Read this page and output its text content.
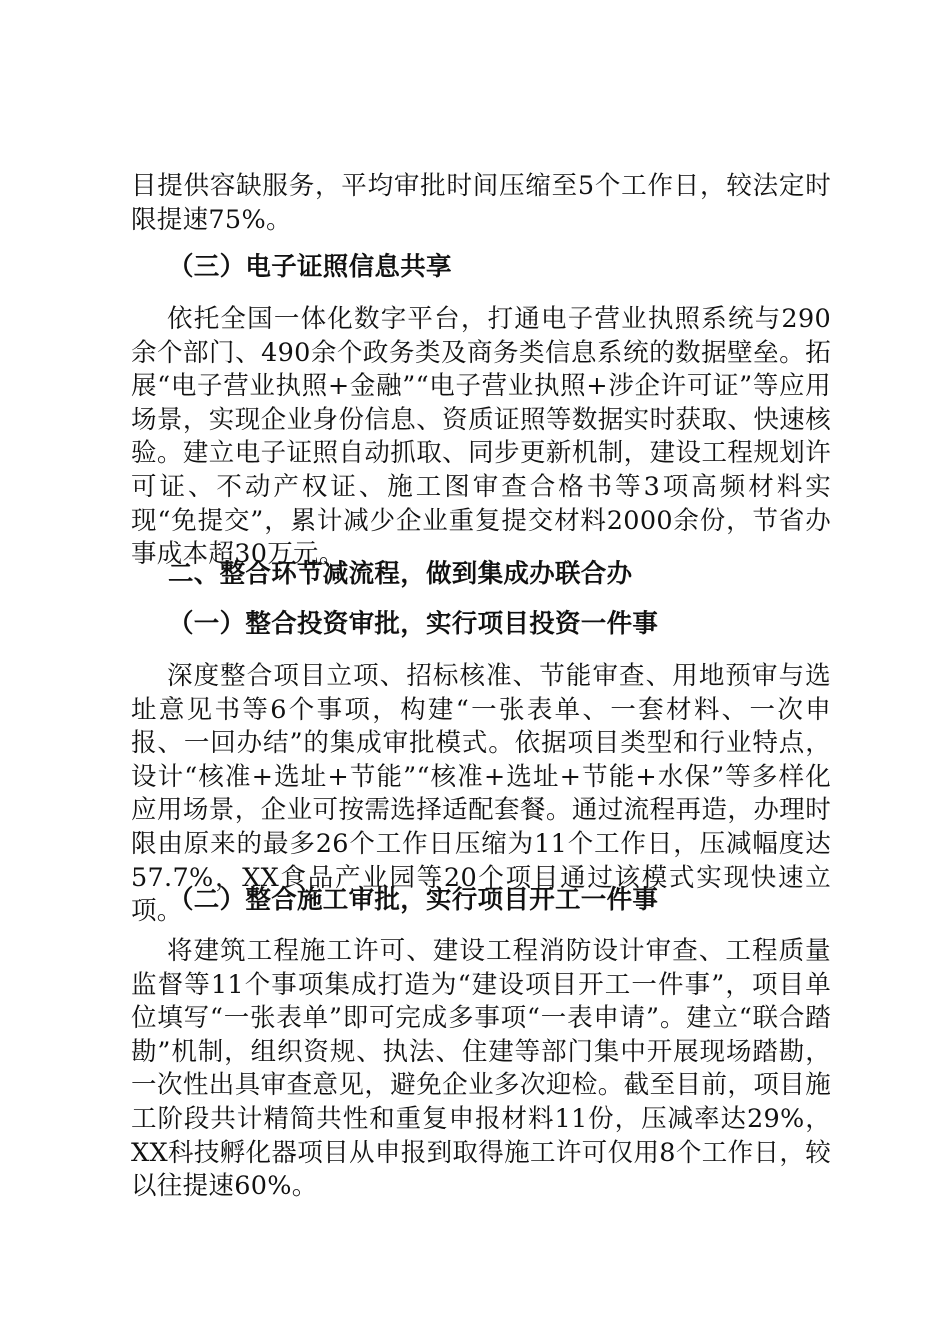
目提供容缺服务，平均审批时间压缩至5个工作日，较法定时限提速75%。

（三）电子证照信息共享

依托全国一体化数字平台，打通电子营业执照系统与290余个部门、490余个政务类及商务类信息系统的数据壁垒。拓展“电子营业执照+金融”“电子营业执照+涉企许可证”等应用场景，实现企业身份信息、资质证照等数据实时获取、快速核验。建立电子证照自动抓取、同步更新机制，建设工程规划许可证、不动产权证、施工图审查合格书等3项高频材料实现“免提交”，累计减少企业重复提交材料2000余份，节省办事成本超30万元。

二、整合环节减流程，做到集成办联合办

（一）整合投资审批，实行项目投资一件事

深度整合项目立项、招标核准、节能审查、用地预审与选址意见书等6个事项，构建“一张表单、一套材料、一次申报、一回办结”的集成审批模式。依据项目类型和行业特点，设计“核准+选址+节能”“核准+选址+节能+水保”等多样化应用场景，企业可按需选择适配套餐。通过流程再造，办理时限由原来的最多26个工作日压缩为11个工作日，压减幅度达57.7%，XX食品产业园等20个项目通过该模式实现快速立项。

（二）整合施工审批，实行项目开工一件事

将建筑工程施工许可、建设工程消防设计审查、工程质量监督等11个事项集成打造为“建设项目开工一件事”，项目单位填写“一张表单”即可完成多事项“一表申请”。建立“联合踏勘”机制，组织资规、执法、住建等部门集中开展现场踏勘，一次性出具审查意见，避免企业多次迎检。截至目前，项目施工阶段共计精简共性和重复申报材料11份，压减率达29%，XX科技孵化器项目从申报到取得施工许可仅用8个工作日，较以往提速60%。
